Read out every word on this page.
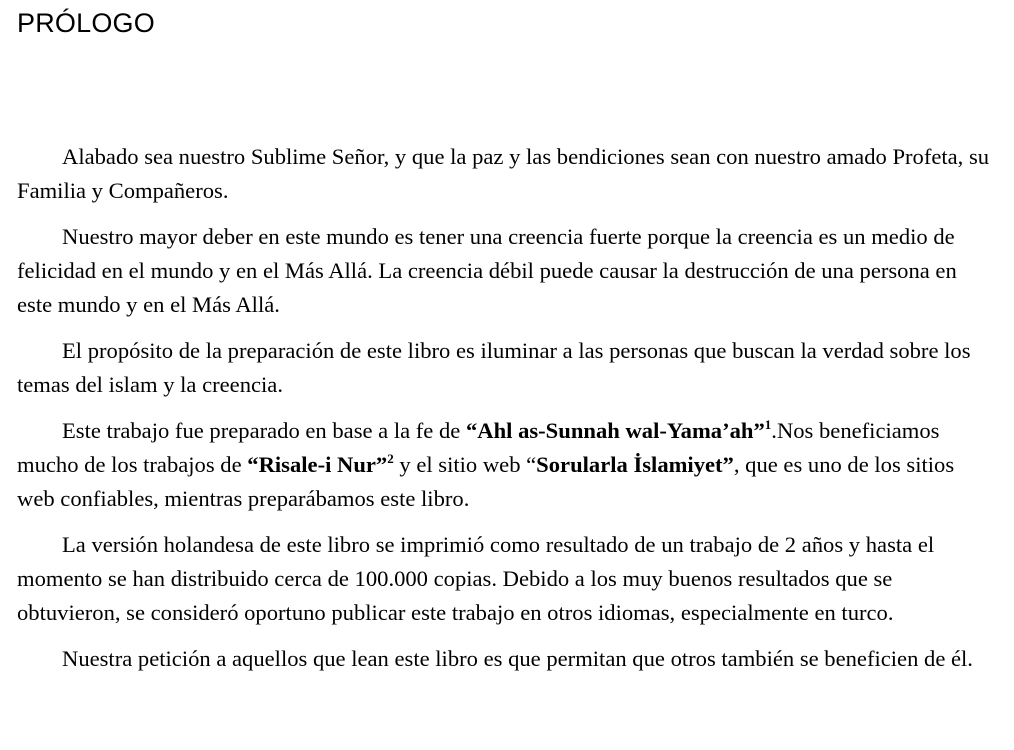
PRÓLOGO

Alabado sea nuestro Sublime Señor, y que la paz y las bendiciones sean con nuestro amado Profeta, su Familia y Compañeros.

Nuestro mayor deber en este mundo es tener una creencia fuerte porque la creencia es un medio de felicidad en el mundo y en el Más Allá. La creencia débil puede causar la destrucción de una persona en este mundo y en el Más Allá.

El propósito de la preparación de este libro es iluminar a las personas que buscan la verdad sobre los temas del islam y la creencia.

Este trabajo fue preparado en base a la fe de “Ahl as-Sunnah wal-Yama’ah”$^1$.Nos beneficiamos mucho de los trabajos de “Risale-i Nur”$^2$ y el sitio web “Sorularla İslamiyet”, que es uno de los sitios web confiables, mientras preparábamos este libro.

La versión holandesa de este libro se imprimió como resultado de un trabajo de 2 años y hasta el momento se han distribuido cerca de 100.000 copias. Debido a los muy buenos resultados que se obtuvieron, se consideró oportuno publicar este trabajo en otros idiomas, especialmente en turco.

Nuestra petición a aquellos que lean este libro es que permitan que otros también se beneficien de él.
